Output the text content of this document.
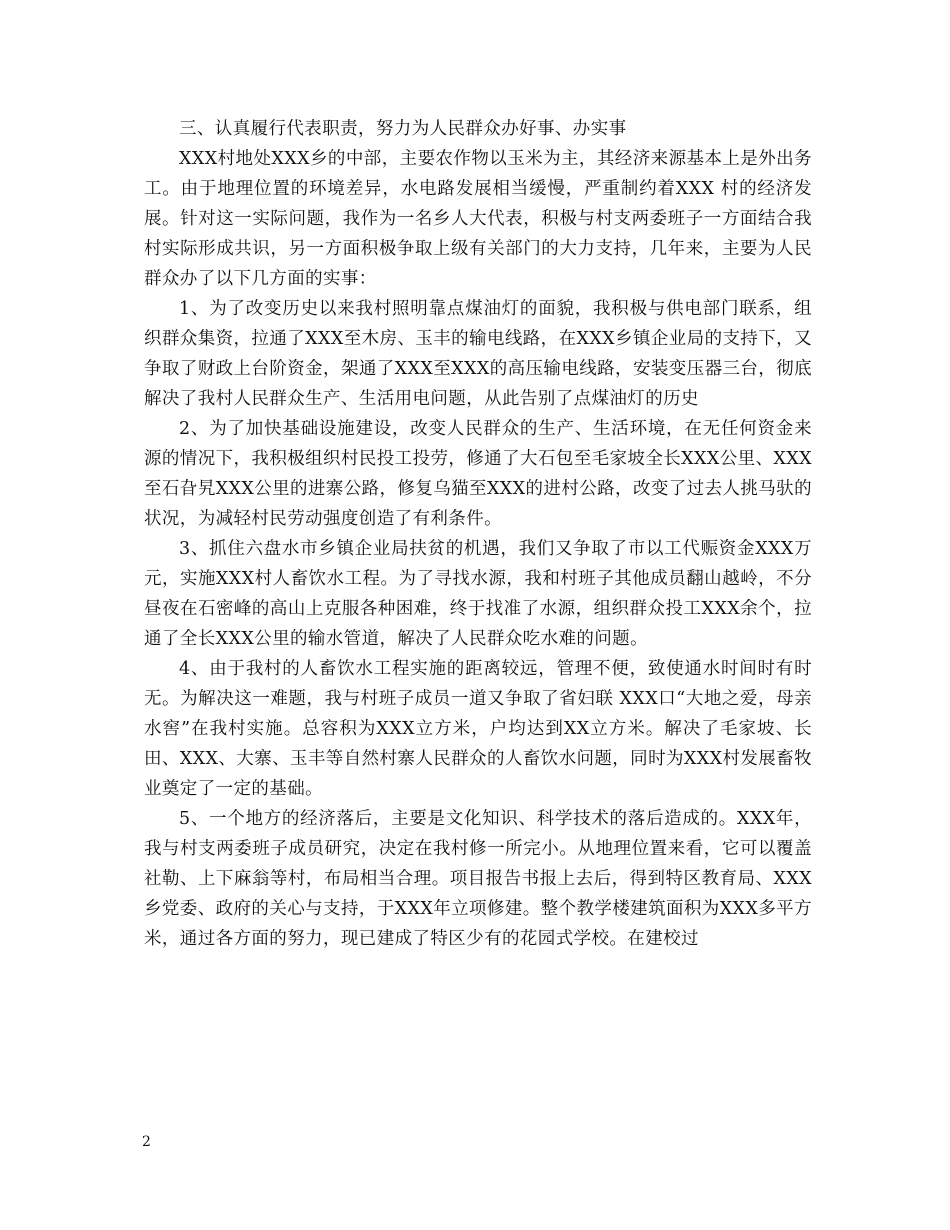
三、认真履行代表职责，努力为人民群众办好事、办实事

XXX村地处XXX乡的中部，主要农作物以玉米为主，其经济来源基本上是外出务工。由于地理位置的环境差异，水电路发展相当缓慢，严重制约着XXX 村的经济发展。针对这一实际问题，我作为一名乡人大代表，积极与村支两委班子一方面结合我村实际形成共识，另一方面积极争取上级有关部门的大力支持，几年来，主要为人民群众办了以下几方面的实事：

1、为了改变历史以来我村照明靠点煤油灯的面貌，我积极与供电部门联系，组织群众集资，拉通了XXX至木房、玉丰的输电线路，在XXX乡镇企业局的支持下，又争取了财政上台阶资金，架通了XXX至XXX的高压输电线路，安装变压器三台，彻底解决了我村人民群众生产、生活用电问题，从此告别了点煤油灯的历史

2、为了加快基础设施建设，改变人民群众的生产、生活环境，在无任何资金来源的情况下，我积极组织村民投工投劳，修通了大石包至毛家坡全长XXX公里、XXX至石旮旯XXX公里的进寨公路，修复乌猫至XXX的进村公路，改变了过去人挑马驮的状况，为减轻村民劳动强度创造了有利条件。

3、抓住六盘水市乡镇企业局扶贫的机遇，我们又争取了市以工代赈资金XXX万元，实施XXX村人畜饮水工程。为了寻找水源，我和村班子其他成员翻山越岭，不分昼夜在石密峰的高山上克服各种困难，终于找准了水源，组织群众投工XXX余个，拉通了全长XXX公里的输水管道，解决了人民群众吃水难的问题。

4、由于我村的人畜饮水工程实施的距离较远，管理不便，致使通水时间时有时无。为解决这一难题，我与村班子成员一道又争取了省妇联 XXX口“大地之爱，母亲水窖”在我村实施。总容积为XXX立方米，户均达到XX立方米。解决了毛家坡、长田、XXX、大寨、玉丰等自然村寨人民群众的人畜饮水问题，同时为XXX村发展畜牧业奠定了一定的基础。

5、一个地方的经济落后，主要是文化知识、科学技术的落后造成的。XXX年，我与村支两委班子成员研究，决定在我村修一所完小。从地理位置来看，它可以覆盖社勒、上下麻翁等村，布局相当合理。项目报告书报上去后，得到特区教育局、XXX乡党委、政府的关心与支持，于XXX年立项修建。整个教学楼建筑面积为XXX多平方米，通过各方面的努力，现已建成了特区少有的花园式学校。在建校过

2
